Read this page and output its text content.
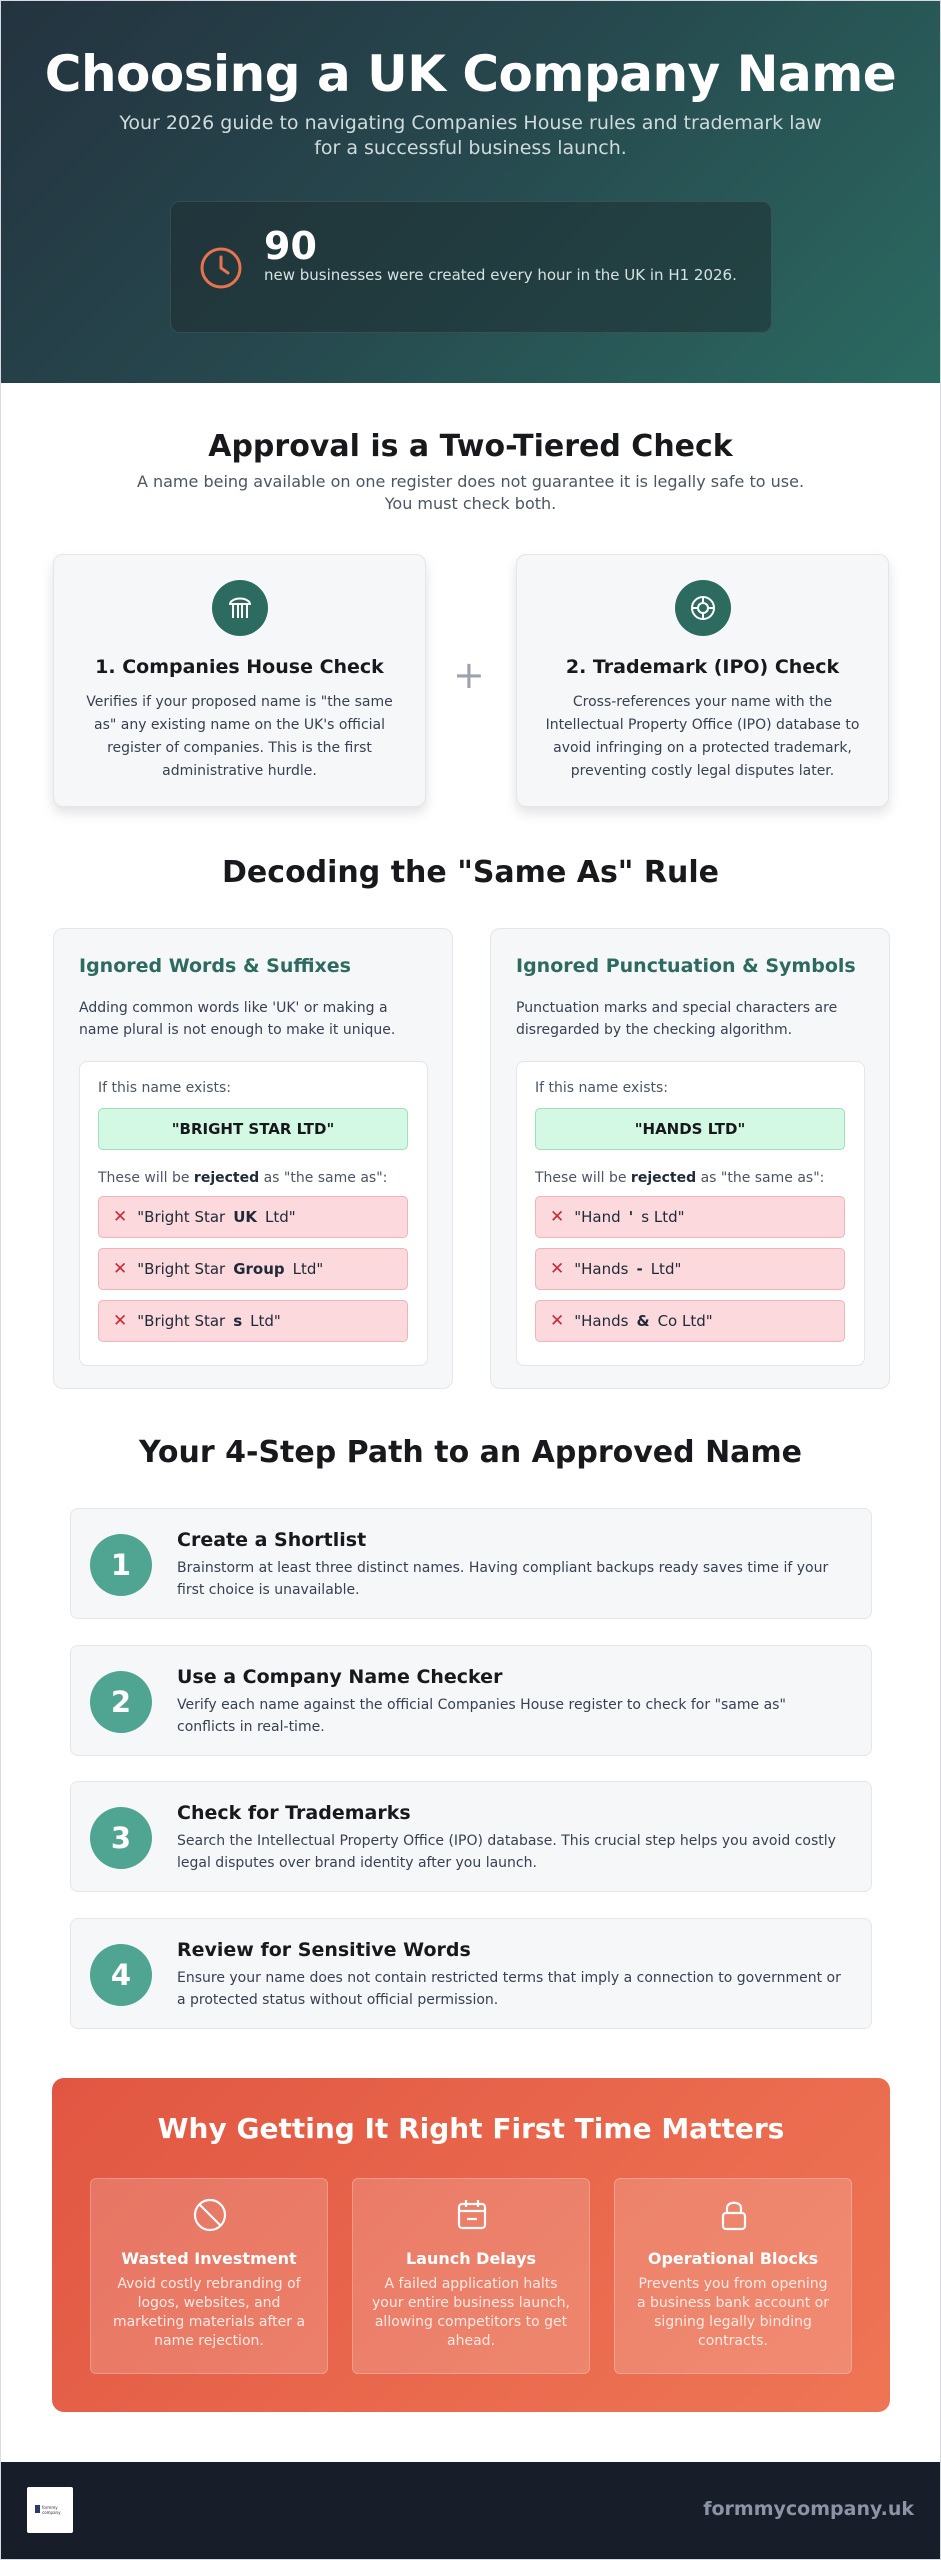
Choosing a UK Company Name

Your 2026 guide to navigating Companies House rules and trademark law for a successful business launch.

90
new businesses were created every hour in the UK in H1 2026.
Approval is a Two-Tiered Check

A name being available on one register does not guarantee it is legally safe to use. You must check both.

1. Companies House Check

Verifies if your proposed name is "the same as" any existing name on the UK's official register of companies. This is the first administrative hurdle.

+	2. Trademark (IPO) Check

Cross-references your name with the Intellectual Property Office (IPO) database to avoid infringing on a protected trademark, preventing costly legal disputes later.

Decoding the "Same As" Rule
Ignored Words & Suffixes

Adding common words like 'UK' or making a name plural is not enough to make it unique.

If this name exists:
"BRIGHT STAR LTD"
These will be rejected as "the same as":
✕ "Bright Star UK Ltd"
✕ "Bright Star Group Ltd"
✕ "Bright Star s Ltd"
Ignored Punctuation & Symbols

Punctuation marks and special characters are disregarded by the checking algorithm.

If this name exists:
"HANDS LTD"
These will be rejected as "the same as":
✕ "Hand ' s Ltd"
✕ "Hands - Ltd"
✕ "Hands & Co Ltd"
Your 4-Step Path to an Approved Name
1
Create a Shortlist

Brainstorm at least three distinct names. Having compliant backups ready saves time if your first choice is unavailable.

2
Use a Company Name Checker

Verify each name against the official Companies House register to check for "same as" conflicts in real-time.

3
Check for Trademarks

Search the Intellectual Property Office (IPO) database. This crucial step helps you avoid costly legal disputes over brand identity after you launch.

4
Review for Sensitive Words

Ensure your name does not contain restricted terms that imply a connection to government or a protected status without official permission.

Why Getting It Right First Time Matters
Wasted Investment
Avoid costly rebranding of logos, websites, and marketing materials after a name rejection.
Launch Delays
A failed application halts your entire business launch, allowing competitors to get ahead.
Operational Blocks
Prevents you from opening a business bank account or signing legally binding contracts.
formmy company	formmycompany.uk
